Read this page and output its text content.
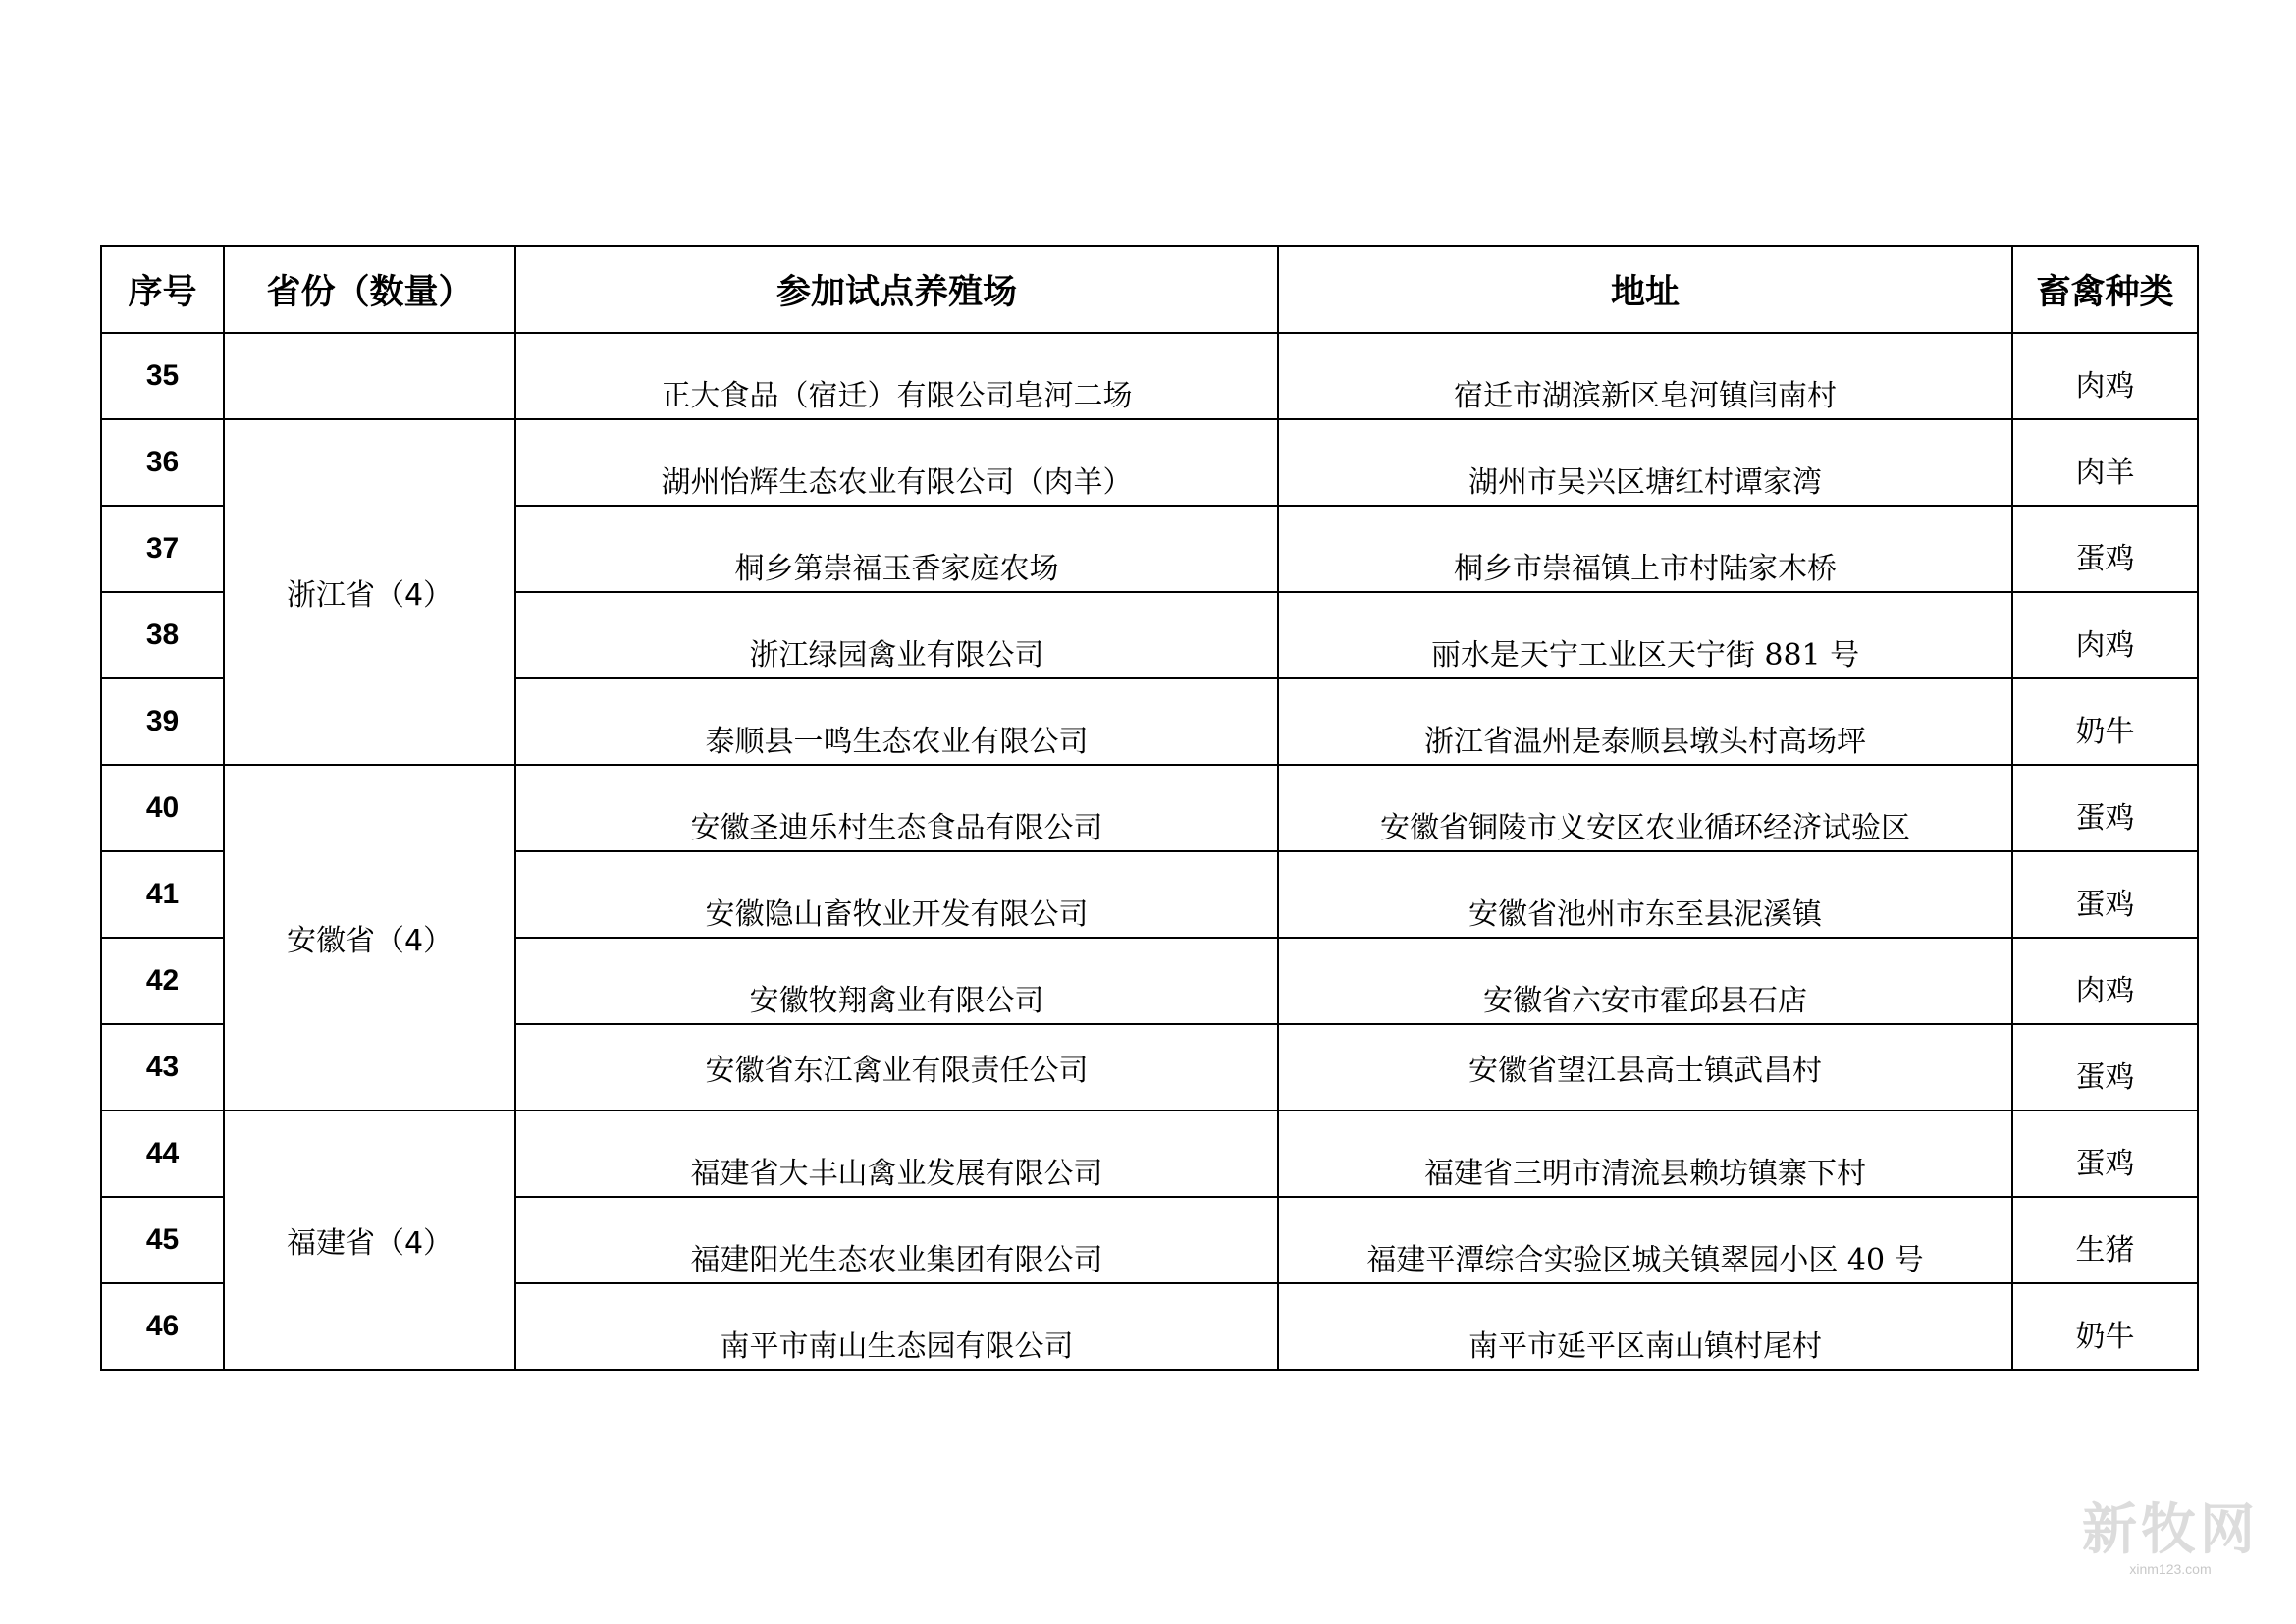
序号	省份（数量）	参加试点养殖场	地址	畜禽种类
35		正大食品（宿迁）有限公司皂河二场	宿迁市湖滨新区皂河镇闫南村	肉鸡
36	浙江省（4）	湖州怡辉生态农业有限公司（肉羊）	湖州市吴兴区塘红村谭家湾	肉羊
37		桐乡第崇福玉香家庭农场	桐乡市崇福镇上市村陆家木桥	蛋鸡
38		浙江绿园禽业有限公司	丽水是天宁工业区天宁街 881 号	肉鸡
39		泰顺县一鸣生态农业有限公司	浙江省温州是泰顺县墩头村高场坪	奶牛
40	安徽省（4）	安徽圣迪乐村生态食品有限公司	安徽省铜陵市义安区农业循环经济试验区	蛋鸡
41		安徽隐山畜牧业开发有限公司	安徽省池州市东至县泥溪镇	蛋鸡
42		安徽牧翔禽业有限公司	安徽省六安市霍邱县石店	肉鸡
43		安徽省东江禽业有限责任公司	安徽省望江县高士镇武昌村	蛋鸡
44	福建省（4）	福建省大丰山禽业发展有限公司	福建省三明市清流县赖坊镇寨下村	蛋鸡
45		福建阳光生态农业集团有限公司	福建平潭综合实验区城关镇翠园小区 40 号	生猪
46		南平市南山生态园有限公司	南平市延平区南山镇村尾村	奶牛
新牧网
xinm123.com
